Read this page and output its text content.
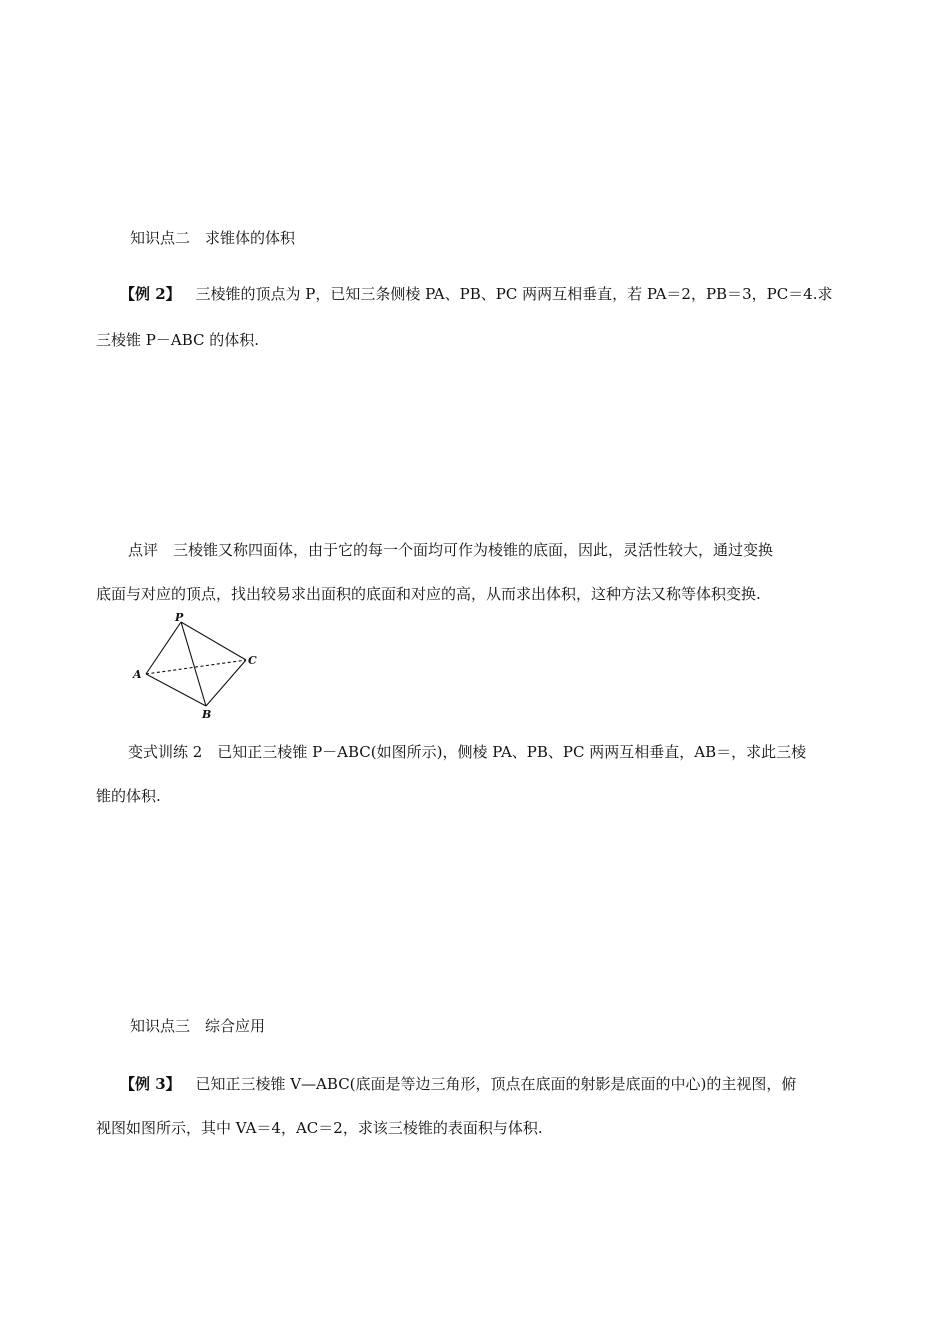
知识点二　求锥体的体积
【例 2】 三棱锥的顶点为 P，已知三条侧棱 PA、PB、PC 两两互相垂直，若 PA＝2，PB＝3，PC＝4.求
三棱锥 P－ABC 的体积.
点评　三棱锥又称四面体，由于它的每一个面均可作为棱锥的底面，因此，灵活性较大，通过变换
底面与对应的顶点，找出较易求出面积的底面和对应的高，从而求出体积，这种方法又称等体积变换.
P
A
B
C
变式训练 2　已知正三棱锥 P－ABC(如图所示)，侧棱 PA、PB、PC 两两互相垂直，AB＝，求此三棱
锥的体积.
知识点三　综合应用
【例 3】 已知正三棱锥 V—ABC(底面是等边三角形，顶点在底面的射影是底面的中心)的主视图，俯
视图如图所示，其中 VA＝4，AC＝2，求该三棱锥的表面积与体积.
